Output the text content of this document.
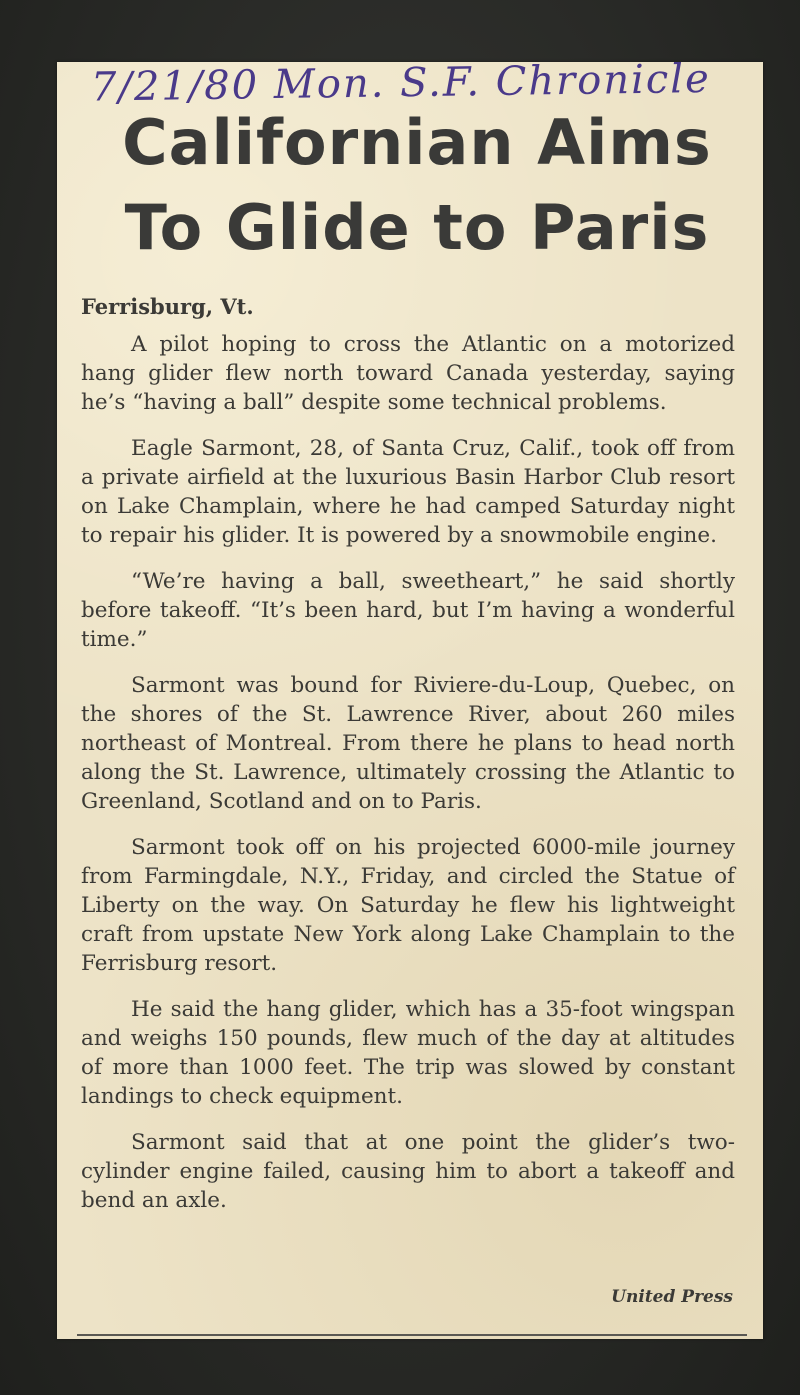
7/21/80 Mon. S.F. Chronicle
Californian Aims
To Glide to Paris
Ferrisburg, Vt.

A pilot hoping to cross the Atlantic on a motorized hang glider flew north toward Canada yesterday, saying he’s “having a ball” despite some technical problems.

Eagle Sarmont, 28, of Santa Cruz, Calif., took off from a private airfield at the luxurious Basin Harbor Club resort on Lake Champlain, where he had camped Saturday night to repair his glider. It is powered by a snowmobile engine.

“We’re having a ball, sweetheart,” he said shortly before takeoff. “It’s been hard, but I’m having a wonderful time.”

Sarmont was bound for Riviere-du-Loup, Quebec, on the shores of the St. Lawrence River, about 260 miles northeast of Montreal. From there he plans to head north along the St. Lawrence, ultimately crossing the Atlantic to Greenland, Scotland and on to Paris.

Sarmont took off on his projected 6000-mile journey from Farmingdale, N.Y., Friday, and circled the Statue of Liberty on the way. On Saturday he flew his lightweight craft from upstate New York along Lake Champlain to the Ferrisburg resort.

He said the hang glider, which has a 35-foot wingspan and weighs 150 pounds, flew much of the day at altitudes of more than 1000 feet. The trip was slowed by constant landings to check equipment.

Sarmont said that at one point the glider’s two-cylinder engine failed, causing him to abort a takeoff and bend an axle.

United Press
